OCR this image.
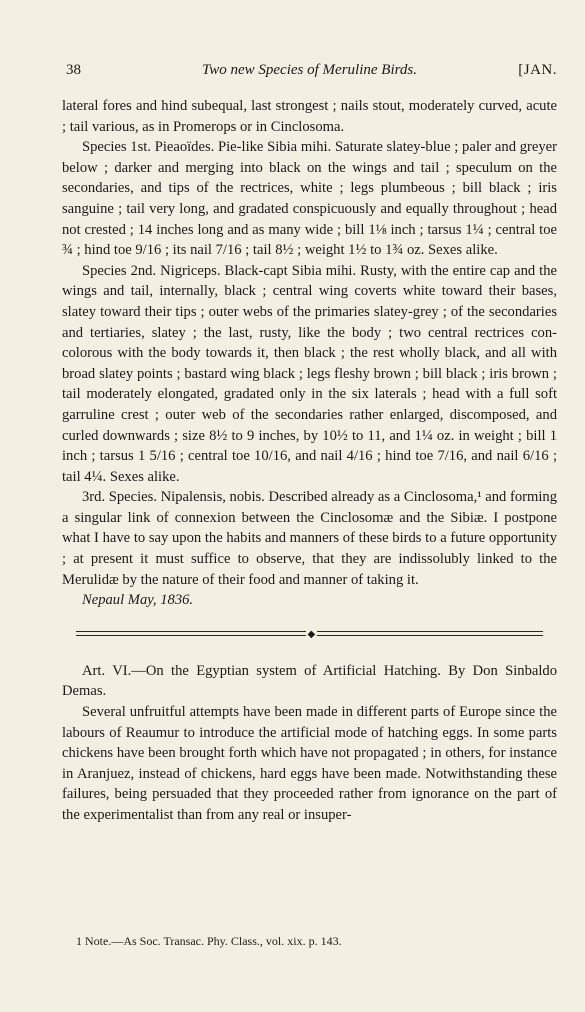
38	Two new Species of Meruline Birds.	[JAN.

lateral fores and hind subequal, last strongest ; nails stout, moderately curved, acute ; tail various, as in Promerops or in Cinclosoma.

Species 1st. Pieaoïdes. Pie-like Sibia mihi. Saturate slatey-blue ; paler and greyer below ; darker and merging into black on the wings and tail ; speculum on the secondaries, and tips of the rectrices, white ; legs plumbeous ; bill black ; iris sanguine ; tail very long, and gradated conspicuously and equally throughout ; head not crested ; 14 inches long and as many wide ; bill 1⅛ inch ; tarsus 1¼ ; central toe ¾ ; hind toe 9/16 ; its nail 7/16 ; tail 8½ ; weight 1½ to 1¾ oz. Sexes alike.

Species 2nd. Nigriceps. Black-capt Sibia mihi. Rusty, with the entire cap and the wings and tail, internally, black ; central wing coverts white toward their bases, slatey toward their tips ; outer webs of the primaries slatey-grey ; of the secondaries and tertiaries, slatey ; the last, rusty, like the body ; two central rectrices con-colorous with the body towards it, then black ; the rest wholly black, and all with broad slatey points ; bastard wing black ; legs fleshy brown ; bill black ; iris brown ; tail moderately elongated, gradated only in the six laterals ; head with a full soft garruline crest ; outer web of the secondaries rather enlarged, discomposed, and curled downwards ; size 8½ to 9 inches, by 10½ to 11, and 1¼ oz. in weight ; bill 1 inch ; tarsus 1 5/16 ; central toe 10/16, and nail 4/16 ; hind toe 7/16, and nail 6/16 ; tail 4¼. Sexes alike.

3rd. Species. Nipalensis, nobis. Described already as a Cinclosoma,¹ and forming a singular link of connexion between the Cinclosomæ and the Sibiæ. I postpone what I have to say upon the habits and manners of these birds to a future opportunity ; at present it must suffice to observe, that they are indissolubly linked to the Merulidæ by the nature of their food and manner of taking it.

Nepaul May, 1836.

◆

Art. VI.—On the Egyptian system of Artificial Hatching. By Don Sinbaldo Demas.

Several unfruitful attempts have been made in different parts of Europe since the labours of Reaumur to introduce the artificial mode of hatching eggs. In some parts chickens have been brought forth which have not propagated ; in others, for instance in Aranjuez, instead of chickens, hard eggs have been made. Notwithstanding these failures, being persuaded that they proceeded rather from ignorance on the part of the experimentalist than from any real or insuper-

1 Note.—As Soc. Transac. Phy. Class., vol. xix. p. 143.
